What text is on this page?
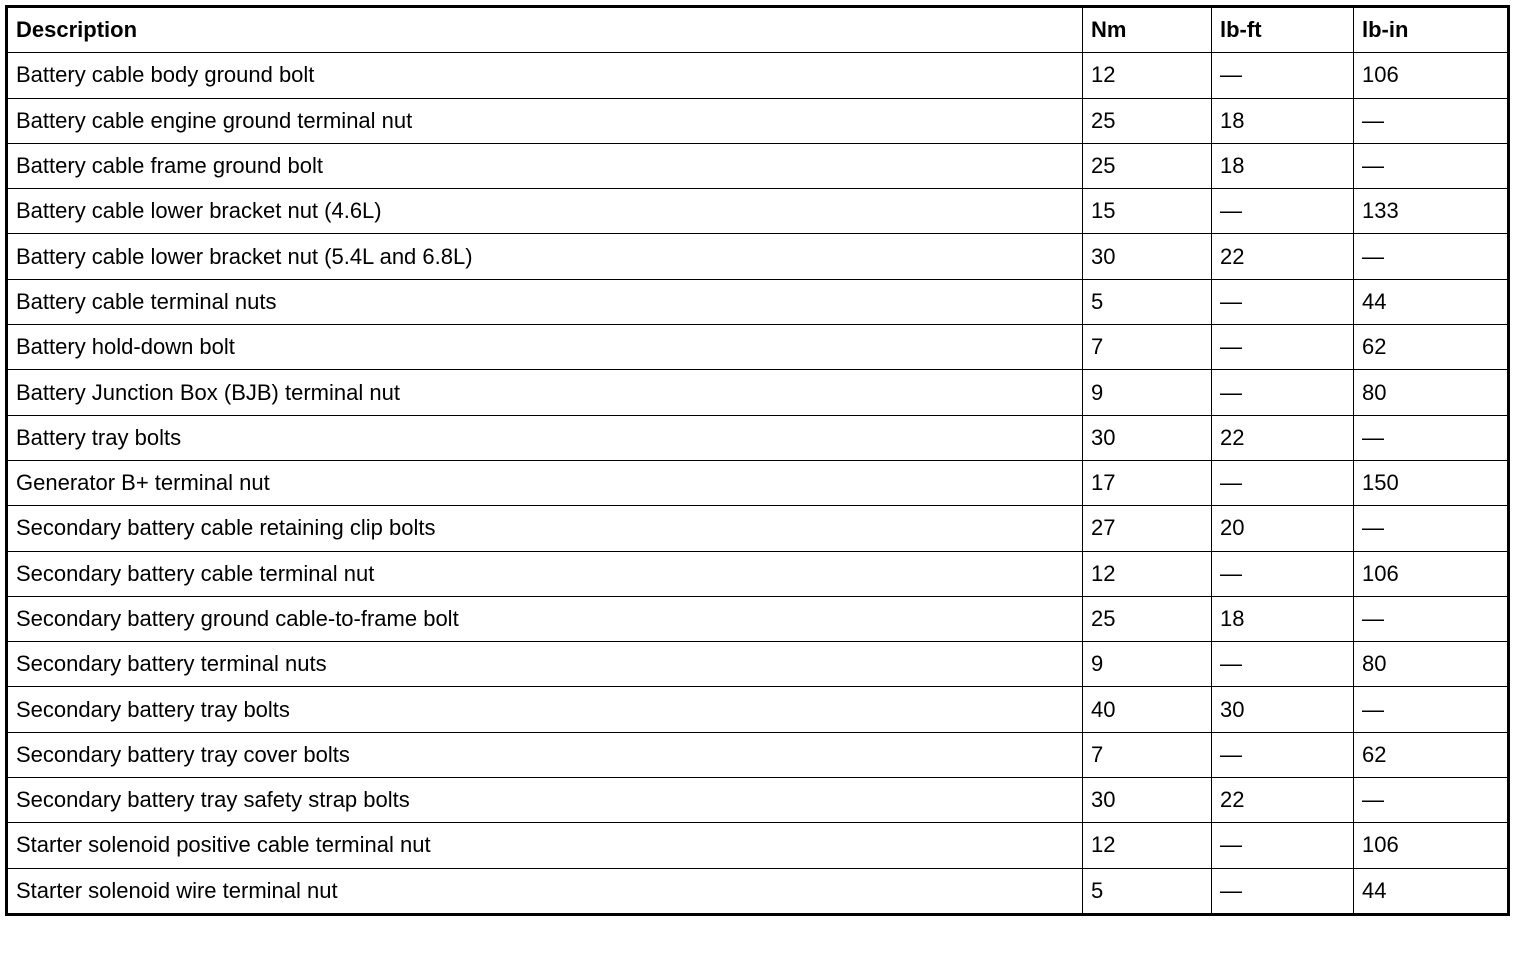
Description	Nm	lb-ft	lb-in
Battery cable body ground bolt	12	—	106
Battery cable engine ground terminal nut	25	18	—
Battery cable frame ground bolt	25	18	—
Battery cable lower bracket nut (4.6L)	15	—	133
Battery cable lower bracket nut (5.4L and 6.8L)	30	22	—
Battery cable terminal nuts	5	—	44
Battery hold-down bolt	7	—	62
Battery Junction Box (BJB) terminal nut	9	—	80
Battery tray bolts	30	22	—
Generator B+ terminal nut	17	—	150
Secondary battery cable retaining clip bolts	27	20	—
Secondary battery cable terminal nut	12	—	106
Secondary battery ground cable-to-frame bolt	25	18	—
Secondary battery terminal nuts	9	—	80
Secondary battery tray bolts	40	30	—
Secondary battery tray cover bolts	7	—	62
Secondary battery tray safety strap bolts	30	22	—
Starter solenoid positive cable terminal nut	12	—	106
Starter solenoid wire terminal nut	5	—	44
